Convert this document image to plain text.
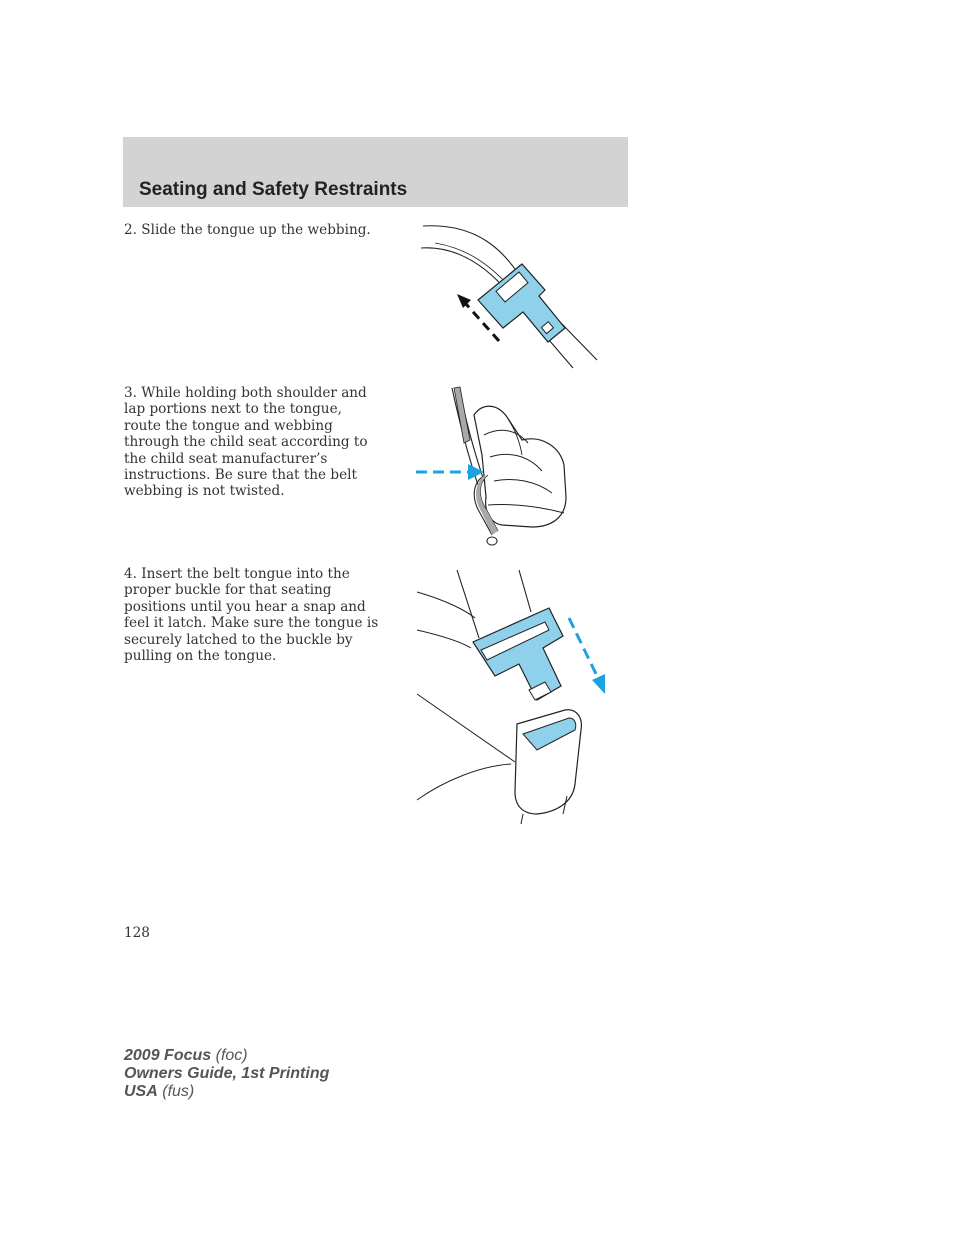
Seating and Safety Restraints

2. Slide the tongue up the webbing.

3. While holding both shoulder and
lap portions next to the tongue,
route the tongue and webbing
through the child seat according to
the child seat manufacturer’s
instructions. Be sure that the belt
webbing is not twisted.

4. Insert the belt tongue into the
proper buckle for that seating
positions until you hear a snap and
feel it latch. Make sure the tongue is
securely latched to the buckle by
pulling on the tongue.

128

2009 Focus (foc)
Owners Guide, 1st Printing
USA (fus)
